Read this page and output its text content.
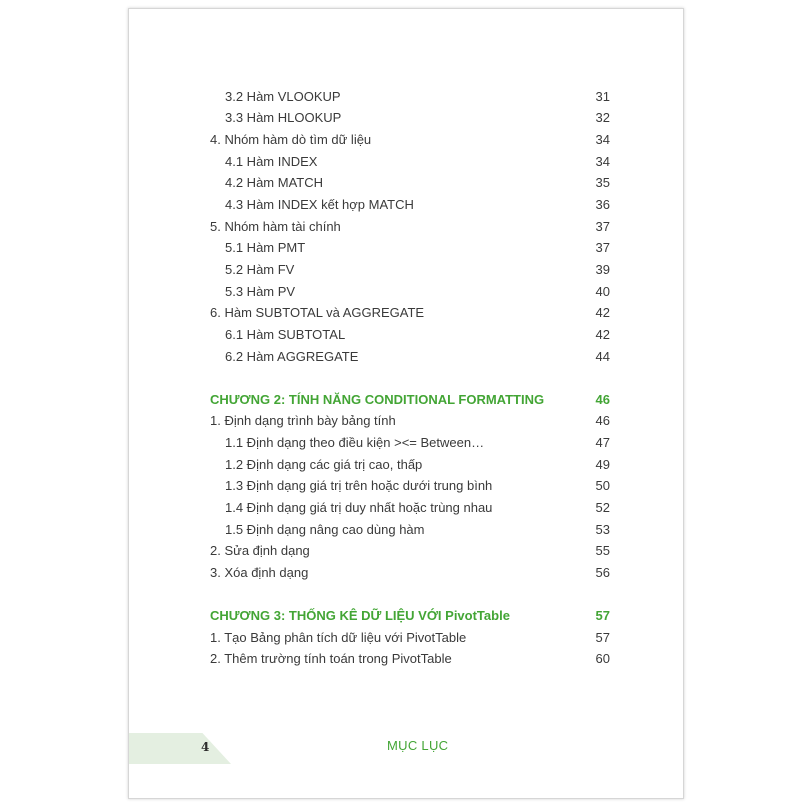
3.2 Hàm VLOOKUP	31
3.3 Hàm HLOOKUP	32
4. Nhóm hàm dò tìm dữ liệu	34
4.1 Hàm INDEX	34
4.2 Hàm MATCH	35
4.3 Hàm INDEX kết hợp MATCH	36
5. Nhóm hàm tài chính	37
5.1 Hàm PMT	37
5.2 Hàm FV	39
5.3 Hàm PV	40
6. Hàm SUBTOTAL và AGGREGATE	42
6.1 Hàm SUBTOTAL	42
6.2 Hàm AGGREGATE	44
CHƯƠNG 2: TÍNH NĂNG CONDITIONAL FORMATTING	46
1. Định dạng trình bày bảng tính	46
1.1 Định dạng theo điều kiện ><= Between…	47
1.2 Định dạng các giá trị cao, thấp	49
1.3 Định dạng giá trị trên hoặc dưới trung bình	50
1.4 Định dạng giá trị duy nhất hoặc trùng nhau	52
1.5 Định dạng nâng cao dùng hàm	53
2. Sửa định dạng	55
3. Xóa định dạng	56
CHƯƠNG 3: THỐNG KÊ DỮ LIỆU VỚI PivotTable	57
1. Tạo Bảng phân tích dữ liệu với PivotTable	57
2. Thêm trường tính toán trong PivotTable	60
4	MỤC LỤC
